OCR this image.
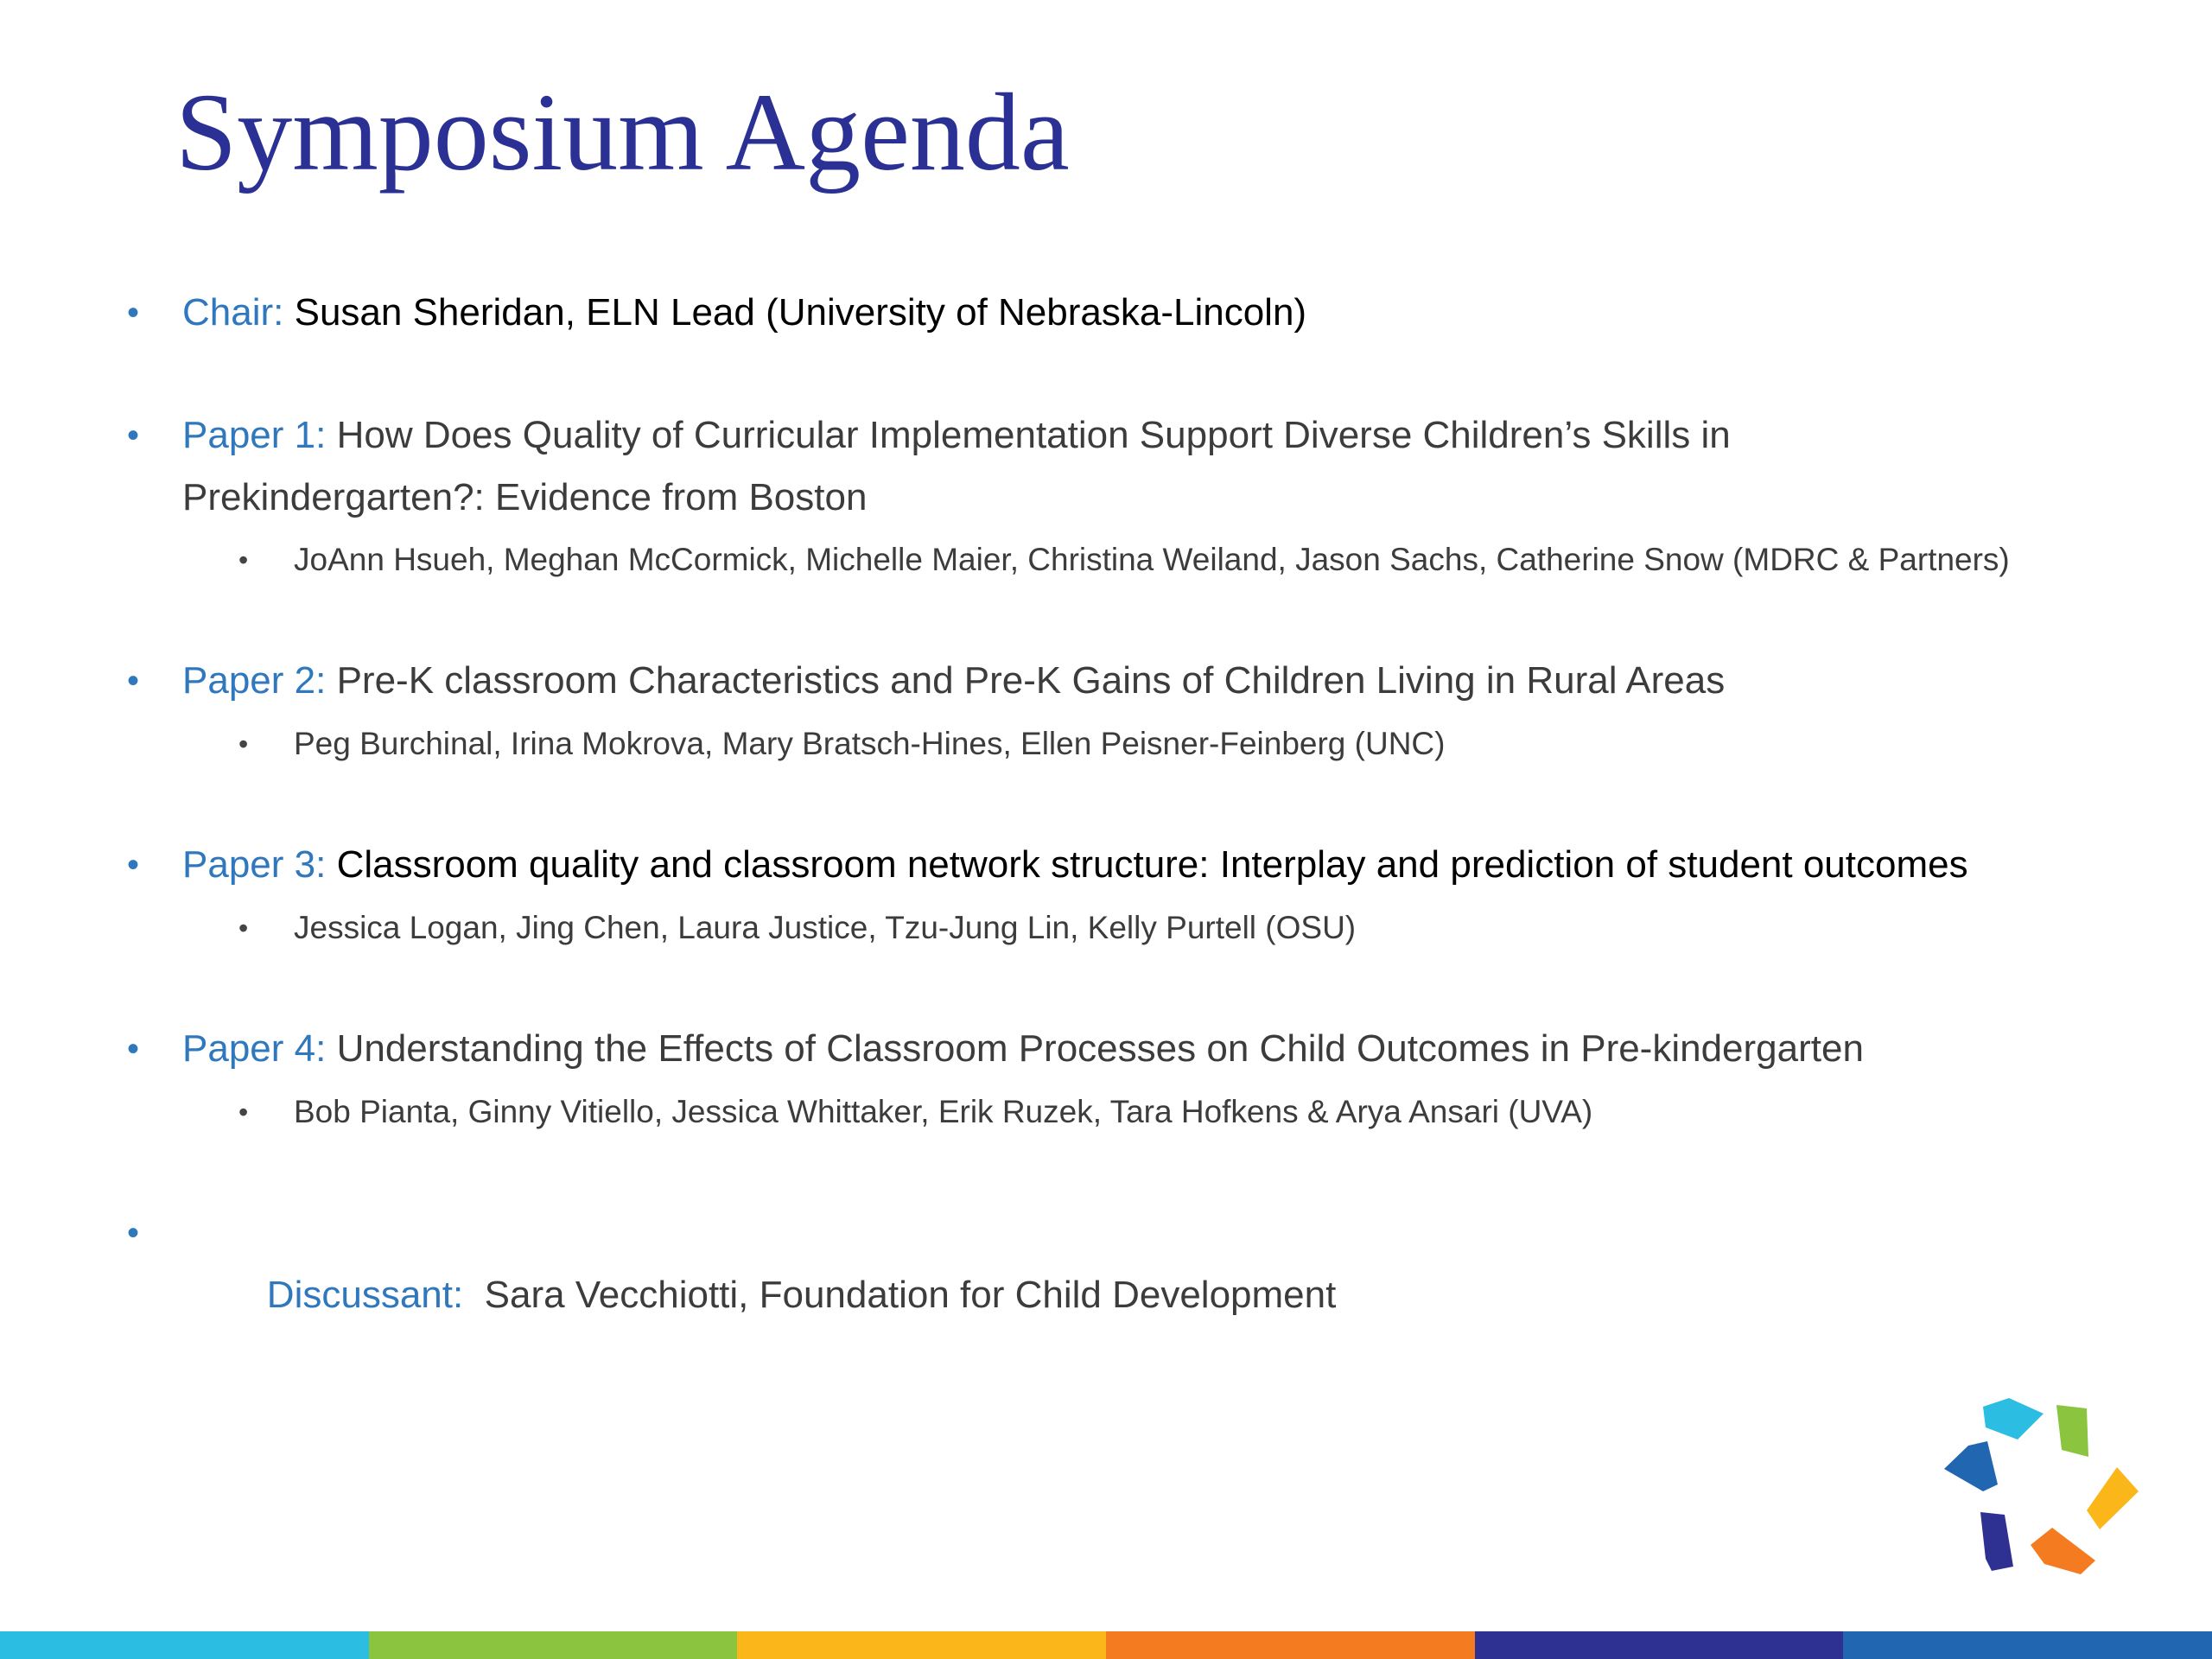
Symposium Agenda
• Chair: Susan Sheridan, ELN Lead (University of Nebraska-Lincoln)
• Paper 1: How Does Quality of Curricular Implementation Support Diverse Children’s Skills in Prekindergarten?: Evidence from Boston
• JoAnn Hsueh, Meghan McCormick, Michelle Maier, Christina Weiland, Jason Sachs, Catherine Snow (MDRC & Partners)
• Paper 2: Pre-K classroom Characteristics and Pre-K Gains of Children Living in Rural Areas
• Peg Burchinal, Irina Mokrova, Mary Bratsch-Hines, Ellen Peisner-Feinberg (UNC)
• Paper 3: Classroom quality and classroom network structure: Interplay and prediction of student outcomes
• Jessica Logan, Jing Chen, Laura Justice, Tzu-Jung Lin, Kelly Purtell (OSU)
• Paper 4: Understanding the Effects of Classroom Processes on Child Outcomes in Pre-kindergarten
• Bob Pianta, Ginny Vitiello, Jessica Whittaker, Erik Ruzek, Tara Hofkens & Arya Ansari (UVA)
•

Discussant:  Sara Vecchiotti, Foundation for Child Development
